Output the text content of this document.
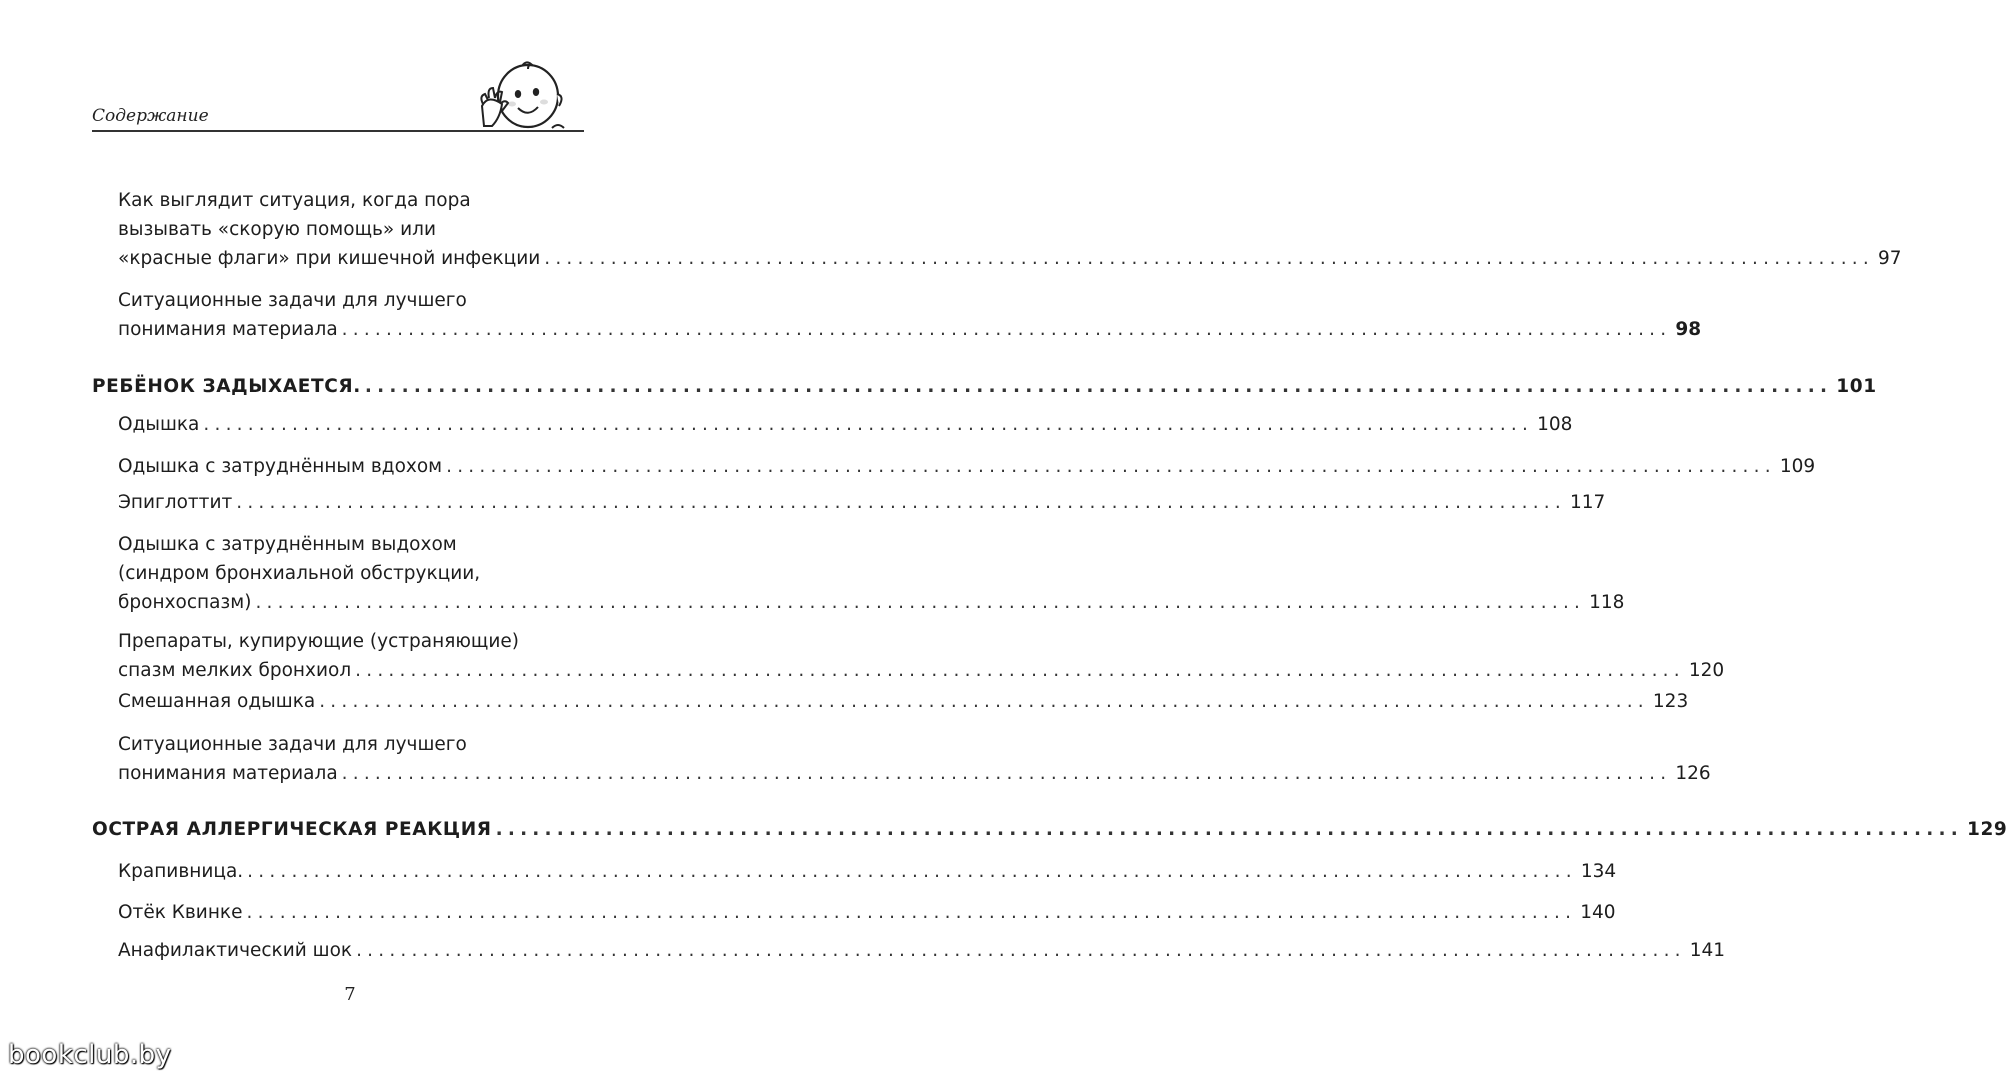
Содержание
Как выглядит ситуация, когда пора
вызывать «скорую помощь» или
«красные флаги» при кишечной инфекции ........................................................................................................................ 97
Ситуационные задачи для лучшего
понимания материала ........................................................................................................................ 98
РЕБЁНОК ЗАДЫХАЕТСЯ. ........................................................................................................................ 101
Одышка ........................................................................................................................ 108
Одышка с затруднённым вдохом ........................................................................................................................ 109
Эпиглоттит ........................................................................................................................ 117
Одышка с затруднённым выдохом
(синдром бронхиальной обструкции,
бронхоспазм) ........................................................................................................................ 118
Препараты, купирующие (устраняющие)
спазм мелких бронхиол ........................................................................................................................ 120
Смешанная одышка ........................................................................................................................ 123
Ситуационные задачи для лучшего
понимания материала ........................................................................................................................ 126
ОСТРАЯ АЛЛЕРГИЧЕСКАЯ РЕАКЦИЯ ........................................................................................................................ 129
Крапивница. ........................................................................................................................ 134
Отёк Квинке ........................................................................................................................ 140
Анафилактический шок ........................................................................................................................ 141
7
bookclub.by
